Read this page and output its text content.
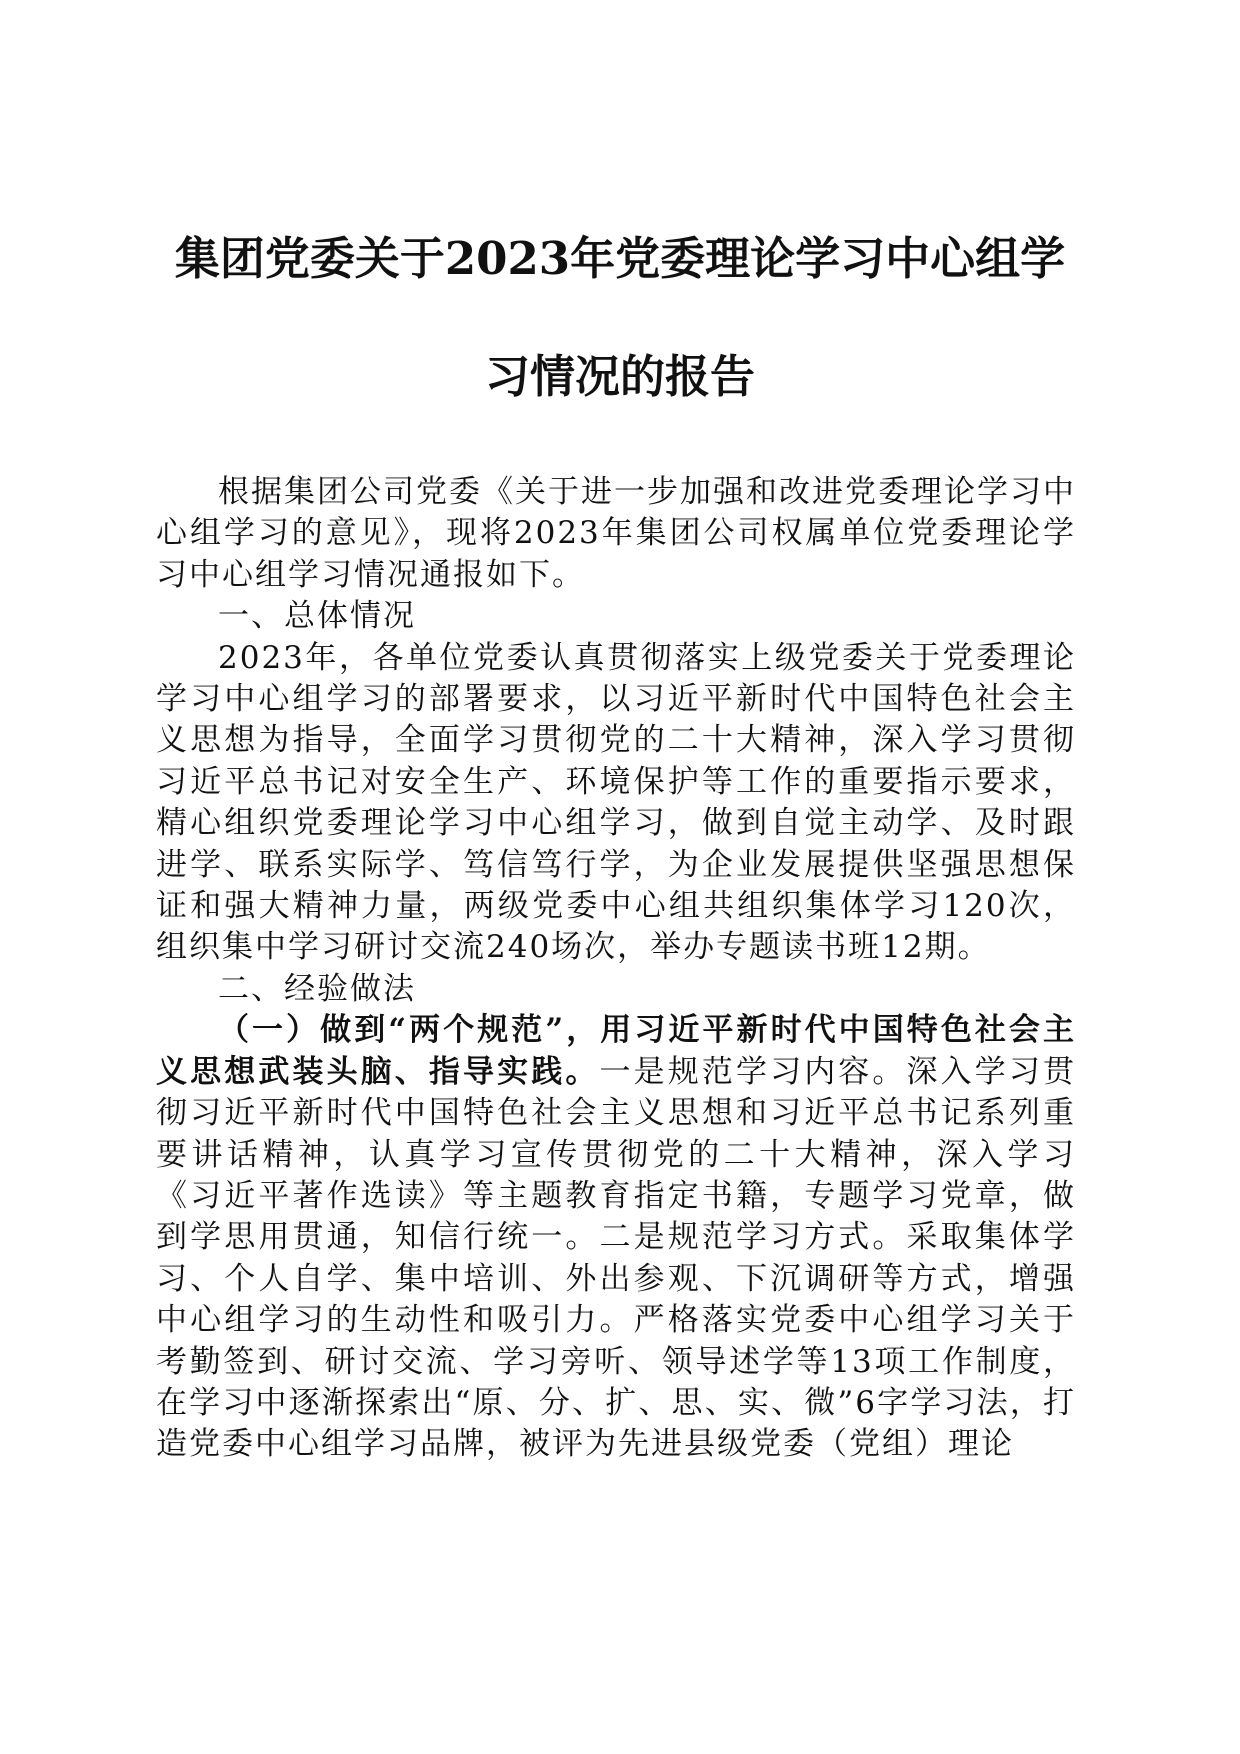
集团党委关于2023年党委理论学习中心组学
习情况的报告

根据集团公司党委《关于进一步加强和改进党委理论学习中心组学习的意见》，现将2023年集团公司权属单位党委理论学习中心组学习情况通报如下。

一、总体情况

2023年，各单位党委认真贯彻落实上级党委关于党委理论学习中心组学习的部署要求，以习近平新时代中国特色社会主义思想为指导，全面学习贯彻党的二十大精神，深入学习贯彻习近平总书记对安全生产、环境保护等工作的重要指示要求，精心组织党委理论学习中心组学习，做到自觉主动学、及时跟进学、联系实际学、笃信笃行学，为企业发展提供坚强思想保证和强大精神力量，两级党委中心组共组织集体学习120次，组织集中学习研讨交流240场次，举办专题读书班12期。

二、经验做法

（一）做到“两个规范”，用习近平新时代中国特色社会主义思想武装头脑、指导实践。一是规范学习内容。深入学习贯彻习近平新时代中国特色社会主义思想和习近平总书记系列重要讲话精神，认真学习宣传贯彻党的二十大精神，深入学习《习近平著作选读》等主题教育指定书籍，专题学习党章，做到学思用贯通，知信行统一。二是规范学习方式。采取集体学习、个人自学、集中培训、外出参观、下沉调研等方式，增强中心组学习的生动性和吸引力。严格落实党委中心组学习关于考勤签到、研讨交流、学习旁听、领导述学等13项工作制度，在学习中逐渐探索出“原、分、扩、思、实、微”6字学习法，打造党委中心组学习品牌，被评为先进县级党委（党组）理论
